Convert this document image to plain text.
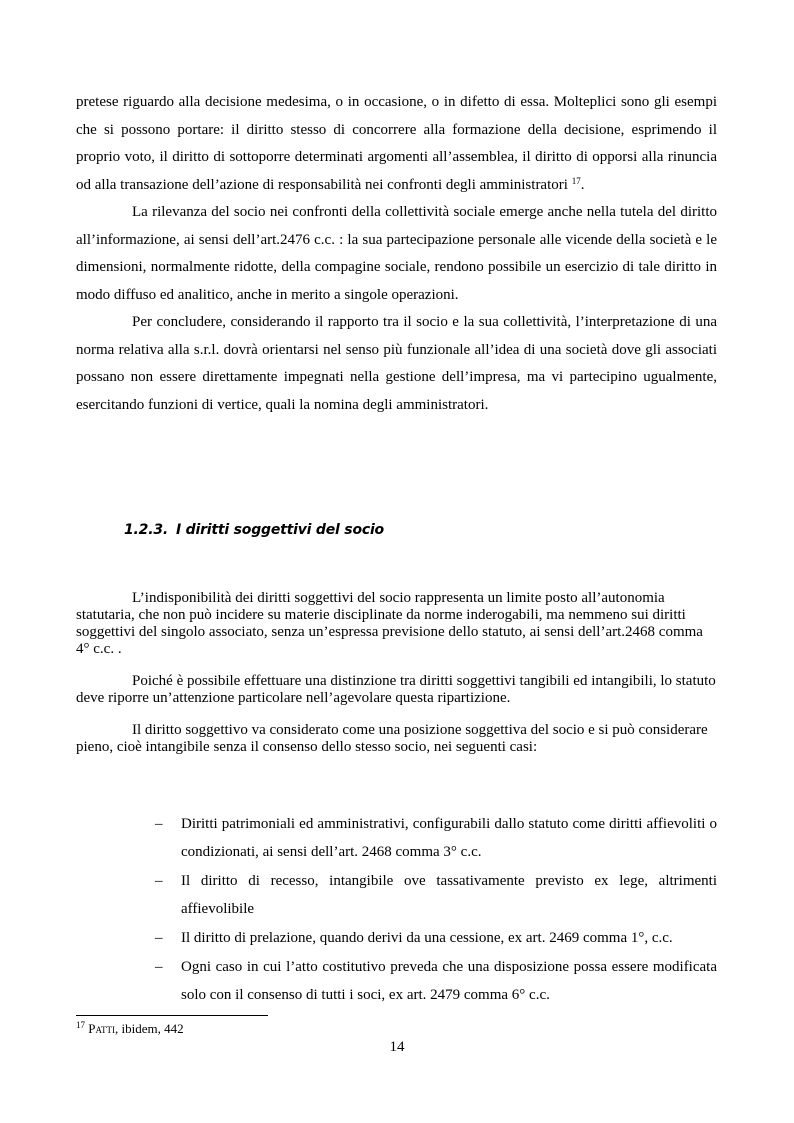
pretese riguardo alla decisione medesima, o in occasione, o in difetto di essa. Molteplici sono gli esempi che si possono portare: il diritto stesso di concorrere alla formazione della decisione, esprimendo il proprio voto, il diritto di sottoporre determinati argomenti all’assemblea, il diritto di opporsi alla rinuncia od alla transazione dell’azione di responsabilità nei confronti degli amministratori $^{17}$.

La rilevanza del socio nei confronti della collettività sociale emerge anche nella tutela del diritto all’informazione, ai sensi dell’art.2476 c.c. : la sua partecipazione personale alle vicende della società e le dimensioni, normalmente ridotte, della compagine sociale, rendono possibile un esercizio di tale diritto in modo diffuso ed analitico, anche in merito a singole operazioni.

Per concludere, considerando il rapporto tra il socio e la sua collettività, l’interpretazione di una norma relativa alla s.r.l. dovrà orientarsi nel senso più funzionale all’idea di una società dove gli associati possano non essere direttamente impegnati nella gestione dell’impresa, ma vi partecipino ugualmente, esercitando funzioni di vertice, quali la nomina degli amministratori.

1.2.3. I diritti soggettivi del socio

L’indisponibilità dei diritti soggettivi del socio rappresenta un limite posto all’autonomia statutaria, che non può incidere su materie disciplinate da norme inderogabili, ma nemmeno sui diritti soggettivi del singolo associato, senza un’espressa previsione dello statuto, ai sensi dell’art.2468 comma 4° c.c. .

Poiché è possibile effettuare una distinzione tra diritti soggettivi tangibili ed intangibili, lo statuto deve riporre un’attenzione particolare nell’agevolare questa ripartizione.

Il diritto soggettivo va considerato come una posizione soggettiva del socio e si può considerare pieno, cioè intangibile senza il consenso dello stesso socio, nei seguenti casi:

– Diritti patrimoniali ed amministrativi, configurabili dallo statuto come diritti affievoliti o condizionati, ai sensi dell’art. 2468 comma 3° c.c.
– Il diritto di recesso, intangibile ove tassativamente previsto ex lege, altrimenti affievolibile
– Il diritto di prelazione, quando derivi da una cessione, ex art. 2469 comma 1°, c.c.
– Ogni caso in cui l’atto costitutivo preveda che una disposizione possa essere modificata solo con il consenso di tutti i soci, ex art. 2479 comma 6° c.c.
$^{17}$ Patti, ibidem, 442
14
